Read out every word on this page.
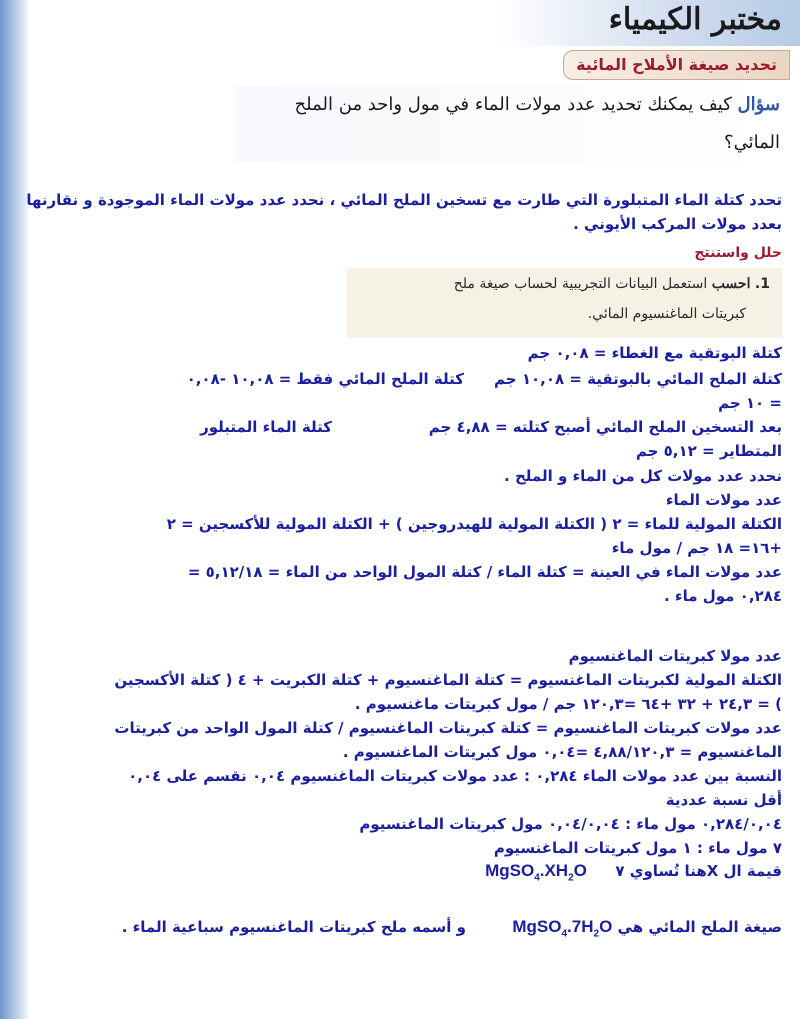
مختبر الكيمياء
تحديد صيغة الأملاح المائية
سؤال كيف يمكنك تحديد عدد مولات الماء في مول واحد من الملح المائي؟

تحدد كتلة الماء المتبلورة التي طارت مع تسخين الملح المائي ، نحدد عدد مولات الماء الموجودة و نقارنها بعدد مولات المركب الأيوني .

حلل واستنتج
1. احسب استعمل البيانات التجريبية لحساب صيغة ملح
كبريتات الماغنسيوم المائي.
قيمة ال Xهنا تُساوي ٧  $MgSO_4.XH_2O$
صيغة الملح المائي هي $MgSO_4.7H_2O$  و أسمه ملح كبريتات الماغنسيوم سباعية الماء .
كتلة البوتقية مع الغطاء = ٠,٠٨ جم
كتلة الملح المائي بالبوتقية = ١٠,٠٨ جم
كتلة الملح المائي فقط = ١٠,٠٨ -٠,٠٨
= ١٠ جم
بعد التسخين الملح المائي أصبح كتلته = ٤,٨٨ جم
كتلة الماء المتبلور
المتطاير = ٥,١٢ جم
نحدد عدد مولات كل من الماء و الملح .
عدد مولات الماء
الكتلة المولية للماء = ٢ ( الكتلة المولية للهيدروجين ) + الكتلة المولية للأكسجين = ٢
+١٦= ١٨ جم / مول ماء
عدد مولات الماء في العينة = كتلة الماء / كتلة المول الواحد من الماء = ٥,١٢/١٨ =
٠,٢٨٤ مول ماء .
عدد مولا كبريتات الماغنسيوم
الكتلة المولية لكبريتات الماغنسيوم = كتلة الماغنسيوم + كتلة الكبريت + ٤ ( كتلة الأكسجين
) = ٢٤,٣ + ٣٢ +٦٤ =١٢٠,٣ جم / مول كبريتات ماغنسيوم .
عدد مولات كبريتات الماغنسيوم = كتلة كبريتات الماغنسيوم / كتلة المول الواحد من كبريتات
الماغنسيوم = ٤,٨٨/١٢٠,٣ =٠,٠٤ مول كبريتات الماغنسيوم .
النسبة بين عدد مولات الماء ٠,٢٨٤ : عدد مولات كبريتات الماغنسيوم ٠,٠٤ نقسم على ٠,٠٤
أقل نسبة عددية
٠,٢٨٤/٠,٠٤ مول ماء : ٠,٠٤/٠,٠٤ مول كبريتات الماغنسيوم
٧ مول ماء : ١ مول كبريتات الماغنسيوم
